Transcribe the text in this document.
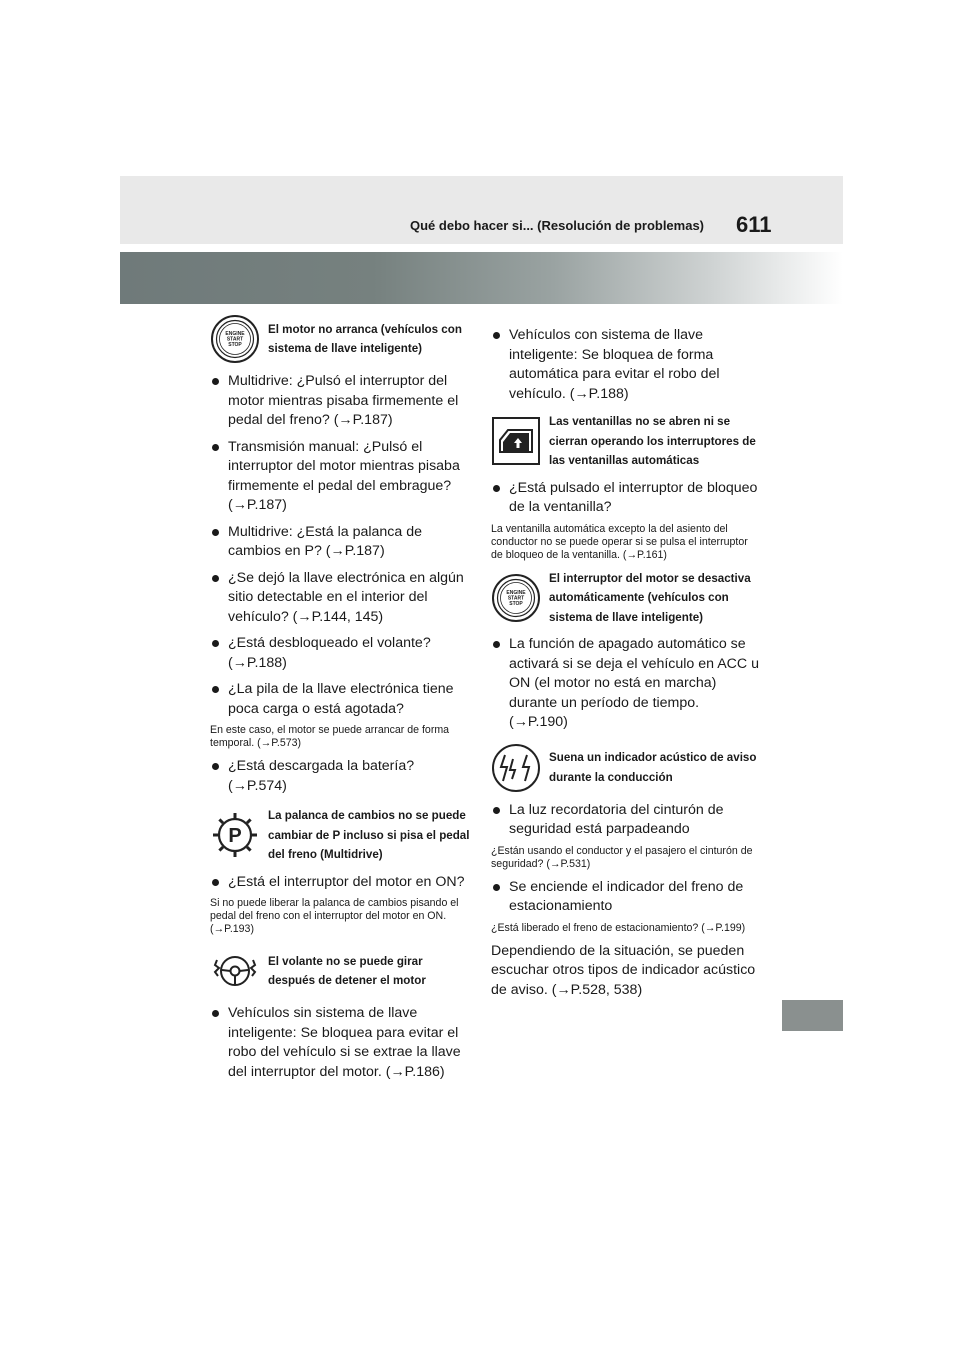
Qué debo hacer si... (Resolución de problemas) 611
ENGINE START STOP
El motor no arranca (vehículos con sistema de llave inteligente)
Multidrive: ¿Pulsó el interruptor del motor mientras pisaba firmemente el pedal del freno? (→P.187)
Transmisión manual: ¿Pulsó el interruptor del motor mientras pisaba firmemente el pedal del embrague? (→P.187)
Multidrive: ¿Está la palanca de cambios en P? (→P.187)
¿Se dejó la llave electrónica en algún sitio detectable en el interior del vehículo? (→P.144, 145)
¿Está desbloqueado el volante? (→P.188)
¿La pila de la llave electrónica tiene poca carga o está agotada?
En este caso, el motor se puede arrancar de forma temporal. (→P.573)
¿Está descargada la batería? (→P.574)
P
La palanca de cambios no se puede cambiar de P incluso si pisa el pedal del freno (Multidrive)
¿Está el interruptor del motor en ON?
Si no puede liberar la palanca de cambios pisando el pedal del freno con el interruptor del motor en ON. (→P.193)
El volante no se puede girar después de detener el motor
Vehículos sin sistema de llave inteligente: Se bloquea para evitar el robo del vehículo si se extrae la llave del interruptor del motor. (→P.186)
Vehículos con sistema de llave inteligente: Se bloquea de forma automática para evitar el robo del vehículo. (→P.188)
Las ventanillas no se abren ni se cierran operando los interruptores de las ventanillas automáticas
¿Está pulsado el interruptor de bloqueo de la ventanilla?
La ventanilla automática excepto la del asiento del conductor no se puede operar si se pulsa el interruptor de bloqueo de la ventanilla. (→P.161)
ENGINE START STOP
El interruptor del motor se desactiva automáticamente (vehículos con sistema de llave inteligente)
La función de apagado automático se activará si se deja el vehículo en ACC u ON (el motor no está en marcha) durante un período de tiempo. (→P.190)
Suena un indicador acústico de aviso durante la conducción
La luz recordatoria del cinturón de seguridad está parpadeando
¿Están usando el conductor y el pasajero el cinturón de seguridad? (→P.531)
Se enciende el indicador del freno de estacionamiento
¿Está liberado el freno de estacionamiento? (→P.199)
Dependiendo de la situación, se pueden escuchar otros tipos de indicador acústico de aviso. (→P.528, 538)
